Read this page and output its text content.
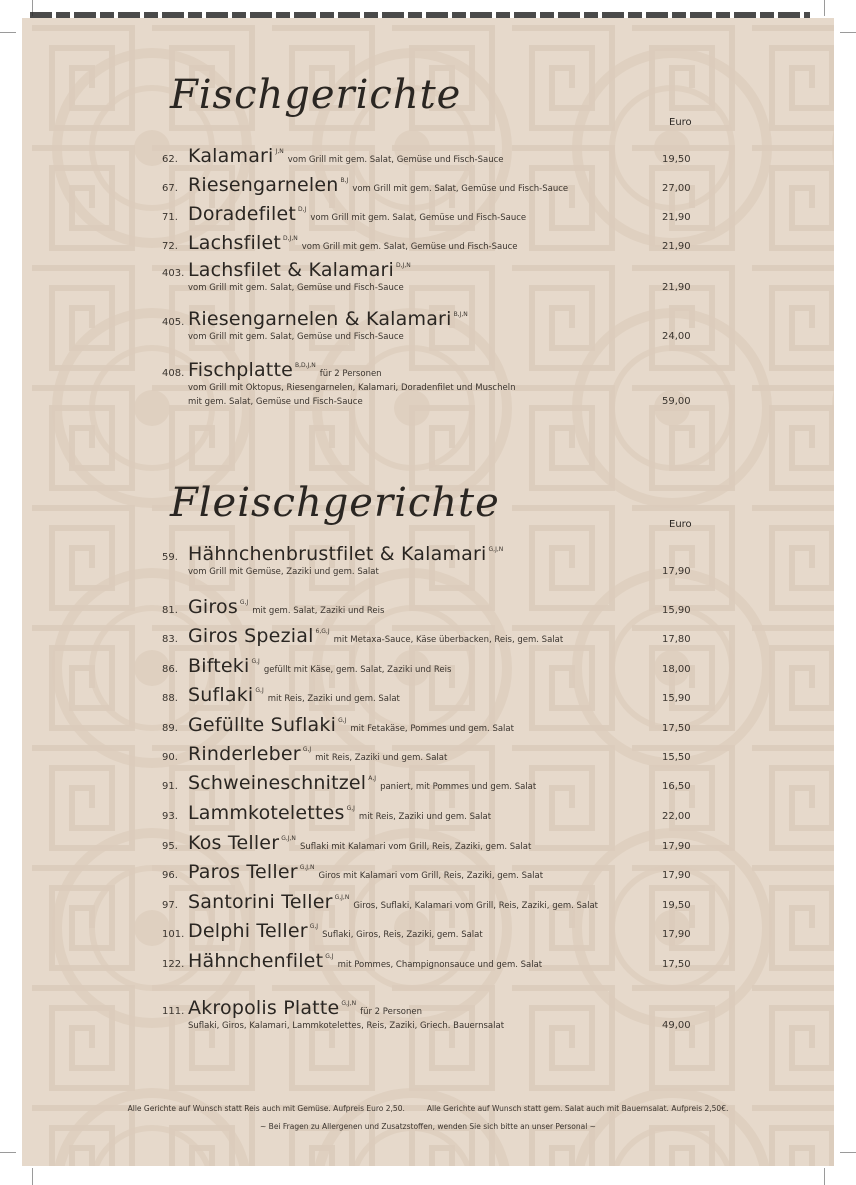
Fischgerichte
Euro
62. Kalamari $^{J,N}$vom Grill mit gem. Salat, Gemüse und Fisch-Sauce	19,50
67. Riesengarnelen $^{B,J}$vom Grill mit gem. Salat, Gemüse und Fisch-Sauce	27,00
71. Doradefilet $^{D,J}$vom Grill mit gem. Salat, Gemüse und Fisch-Sauce	21,90
72. Lachsfilet $^{D,J,N}$vom Grill mit gem. Salat, Gemüse und Fisch-Sauce	21,90
403. Lachsfilet & Kalamari $^{D,J,N}$
vom Grill mit gem. Salat, Gemüse und Fisch-Sauce	21,90
405. Riesengarnelen & Kalamari $^{B,J,N}$
vom Grill mit gem. Salat, Gemüse und Fisch-Sauce	24,00
408. Fischplatte $^{B,D,J,N}$für 2 Personen
vom Grill mit Oktopus, Riesengarnelen, Kalamari, Doradenfilet und Muscheln
mit gem. Salat, Gemüse und Fisch-Sauce	59,00
Fleischgerichte	Euro
59. Hähnchenbrustfilet & Kalamari $^{G,J,N}$
vom Grill mit Gemüse, Zaziki und gem. Salat	17,90
81. Giros $^{G,J}$mit gem. Salat, Zaziki und Reis	15,90
83. Giros Spezial $^{6,G,J}$mit Metaxa-Sauce, Käse überbacken, Reis, gem. Salat	17,80
86. Bifteki $^{G,J}$gefüllt mit Käse, gem. Salat, Zaziki und Reis	18,00
88. Suflaki $^{G,J}$mit Reis, Zaziki und gem. Salat	15,90
89. Gefüllte Suflaki $^{G,J}$mit Fetakäse, Pommes und gem. Salat	17,50
90. Rinderleber $^{G,J}$mit Reis, Zaziki und gem. Salat	15,50
91. Schweineschnitzel $^{A,J}$paniert, mit Pommes und gem. Salat	16,50
93. Lammkotelettes $^{G,J}$mit Reis, Zaziki und gem. Salat	22,00
95. Kos Teller $^{G,J,N}$Suflaki mit Kalamari vom Grill, Reis, Zaziki, gem. Salat	17,90
96. Paros Teller $^{G,J,N}$Giros mit Kalamari vom Grill, Reis, Zaziki, gem. Salat	17,90
97. Santorini Teller $^{G,J,N}$Giros, Suflaki, Kalamari vom Grill, Reis, Zaziki, gem. Salat	19,50
101. Delphi Teller $^{G,J}$Suflaki, Giros, Reis, Zaziki, gem. Salat	17,90
122. Hähnchenfilet $^{G,J}$mit Pommes, Champignonsauce und gem. Salat	17,50
111. Akropolis Platte $^{G,J,N}$für 2 Personen
Suflaki, Giros, Kalamari, Lammkotelettes, Reis, Zaziki, Griech. Bauernsalat	49,00
Alle Gerichte auf Wunsch statt Reis auch mit Gemüse. Aufpreis Euro 2,50.	Alle Gerichte auf Wunsch statt gem. Salat auch mit Bauernsalat. Aufpreis 2,50€.
~ Bei Fragen zu Allergenen und Zusatzstoffen, wenden Sie sich bitte an unser Personal ~
